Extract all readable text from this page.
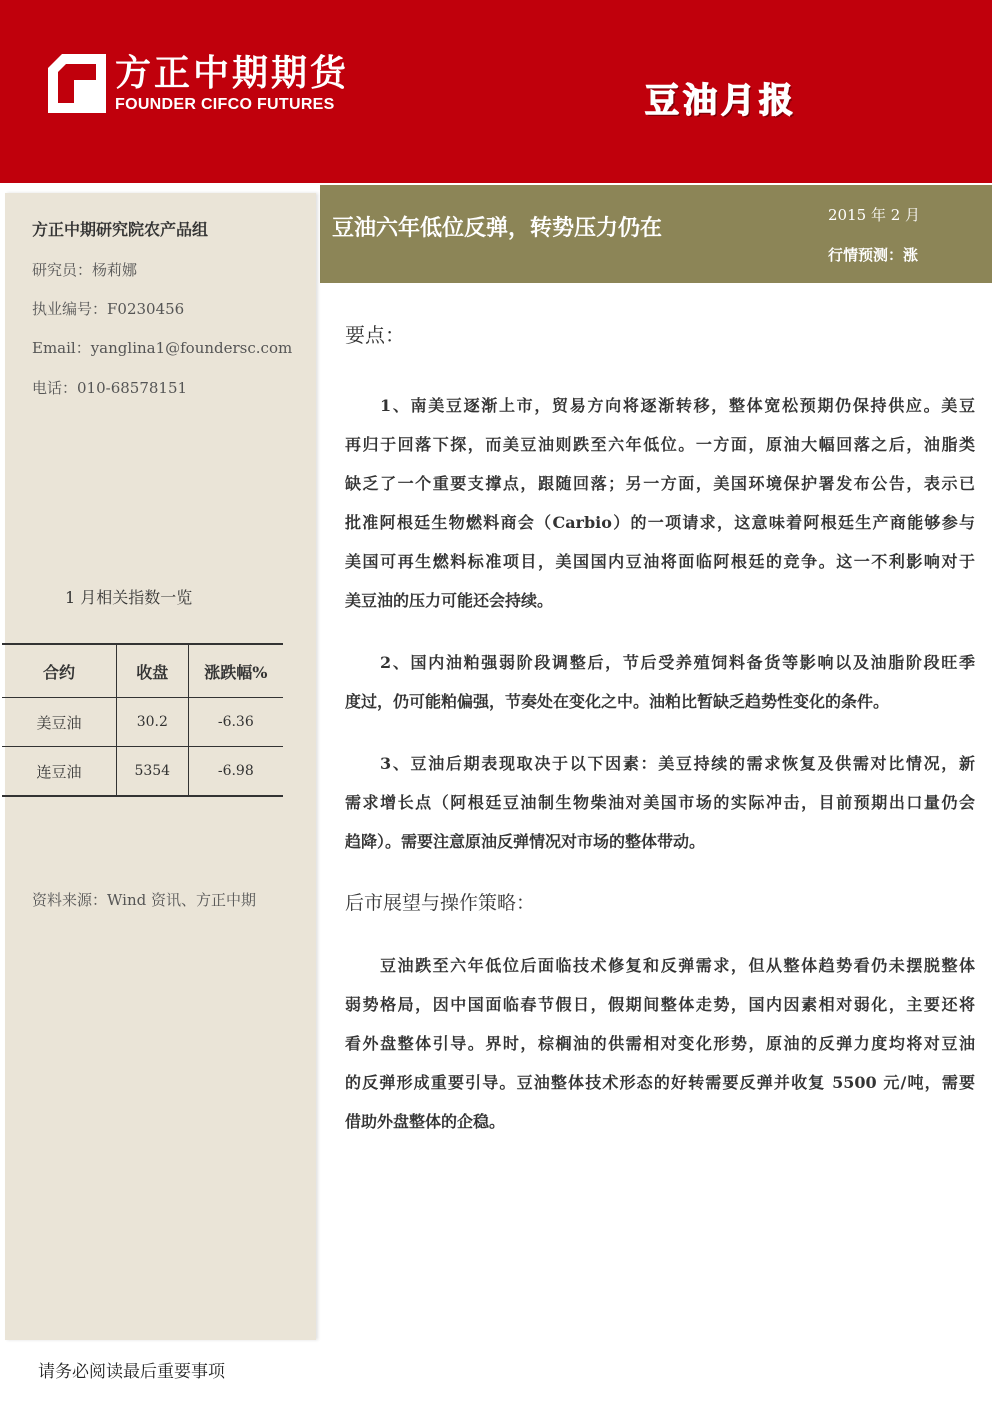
方正中期期货
FOUNDER CIFCO FUTURES	豆油月报
豆油六年低位反弹，转势压力仍在	2015 年 2 月
行情预测：涨
方正中期研究院农产品组
研究员：杨莉娜
执业编号：F0230456
Email：yanglina1@foundersc.com
电话：010-68578151
1 月相关指数一览
合约	收盘	涨跌幅%
美豆油	30.2	-6.36
连豆油	5354	-6.98
资料来源：Wind 资讯、方正中期
要点：
1、南美豆逐渐上市，贸易方向将逐渐转移，整体宽松预期仍保持供应。美豆
再归于回落下探，而美豆油则跌至六年低位。一方面，原油大幅回落之后，油脂类
缺乏了一个重要支撑点，跟随回落；另一方面，美国环境保护署发布公告，表示已
批准阿根廷生物燃料商会（Carbio）的一项请求，这意味着阿根廷生产商能够参与
美国可再生燃料标准项目，美国国内豆油将面临阿根廷的竞争。这一不利影响对于
美豆油的压力可能还会持续。
2、国内油粕强弱阶段调整后，节后受养殖饲料备货等影响以及油脂阶段旺季
度过，仍可能粕偏强，节奏处在变化之中。油粕比暂缺乏趋势性变化的条件。
3、豆油后期表现取决于以下因素：美豆持续的需求恢复及供需对比情况，新
需求增长点（阿根廷豆油制生物柴油对美国市场的实际冲击，目前预期出口量仍会
趋降）。需要注意原油反弹情况对市场的整体带动。
后市展望与操作策略：
豆油跌至六年低位后面临技术修复和反弹需求，但从整体趋势看仍未摆脱整体
弱势格局，因中国面临春节假日，假期间整体走势，国内因素相对弱化，主要还将
看外盘整体引导。界时，棕榈油的供需相对变化形势，原油的反弹力度均将对豆油
的反弹形成重要引导。豆油整体技术形态的好转需要反弹并收复 5500 元/吨，需要
借助外盘整体的企稳。
请务必阅读最后重要事项
